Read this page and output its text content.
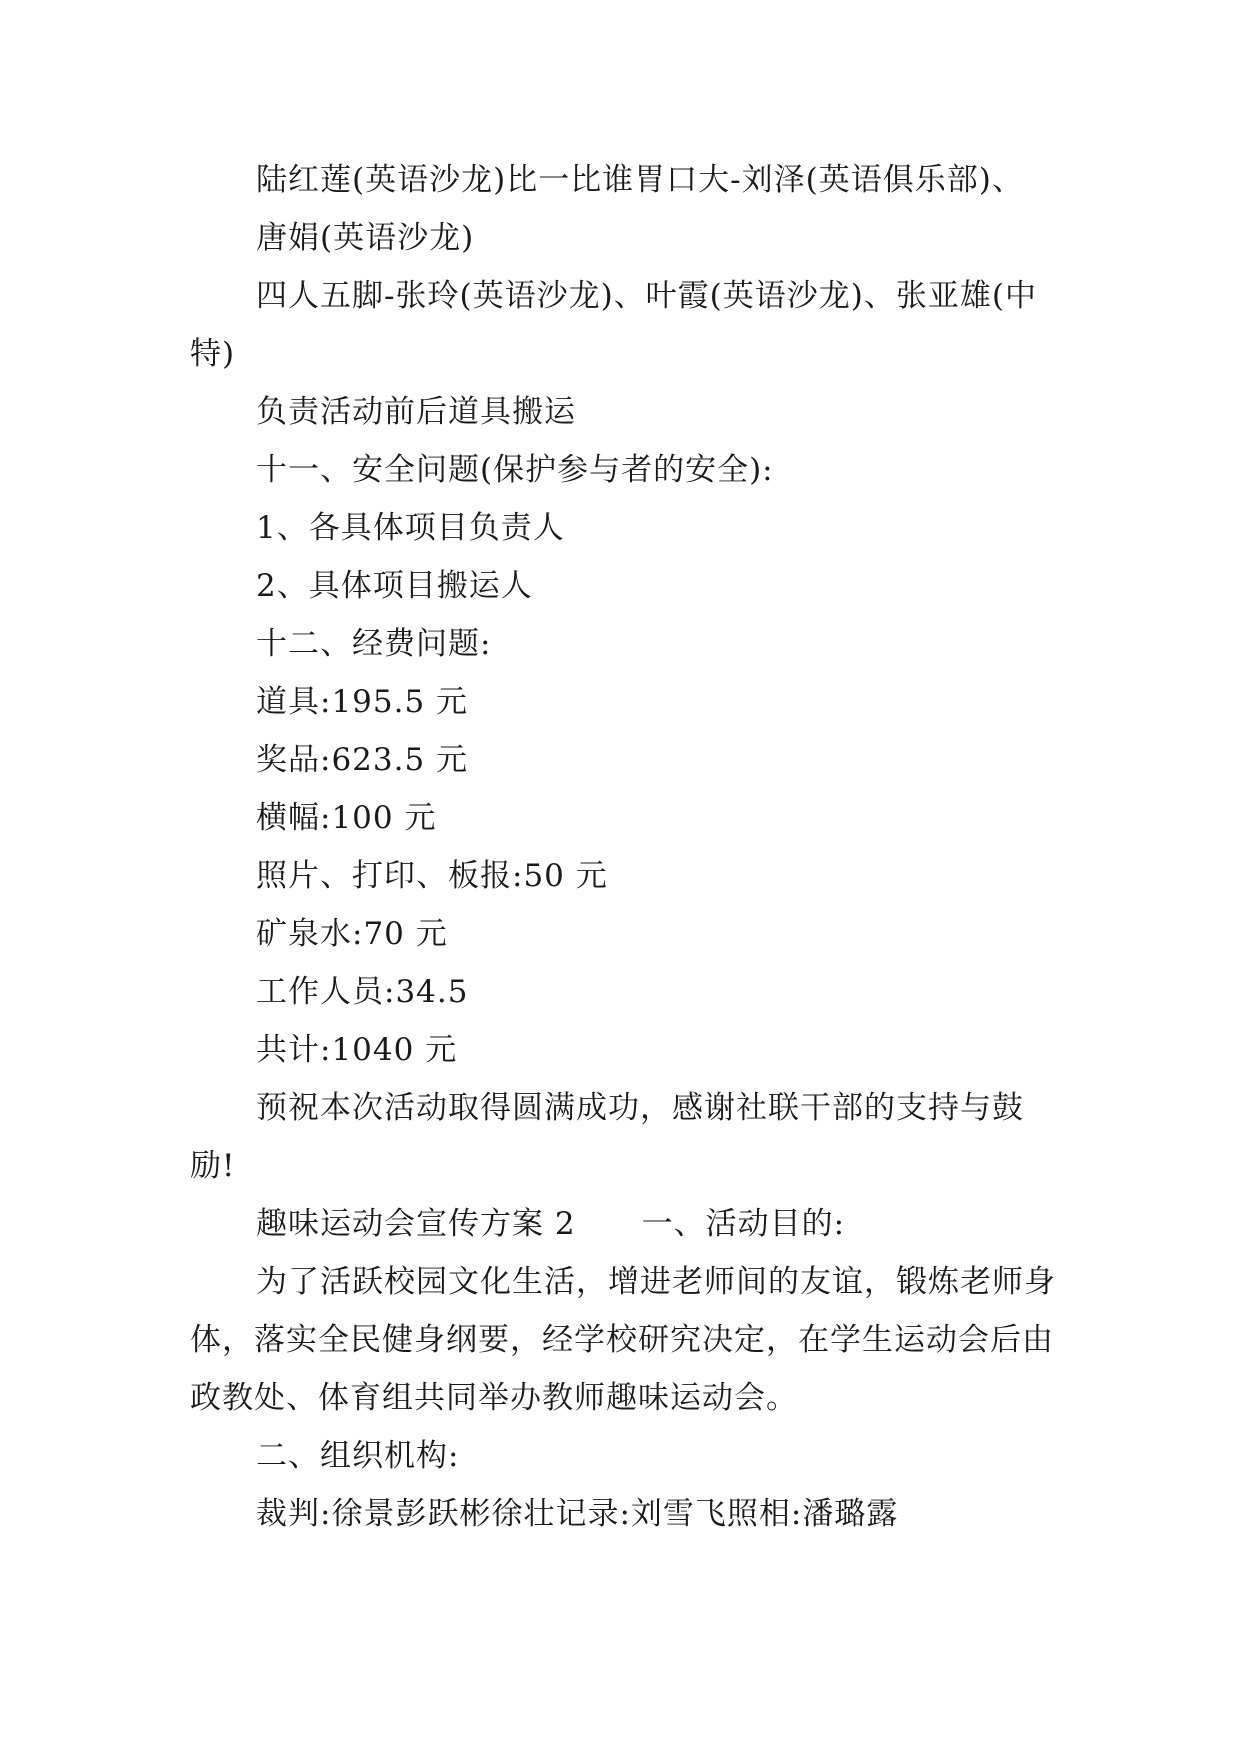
陆红莲(英语沙龙)比一比谁胃口大-刘泽(英语俱乐部)、

唐娟(英语沙龙)

四人五脚-张玲(英语沙龙)、叶霞(英语沙龙)、张亚雄(中特)

负责活动前后道具搬运

十一、安全问题(保护参与者的安全):

1、各具体项目负责人

2、具体项目搬运人

十二、经费问题:

道具:195.5 元

奖品:623.5 元

横幅:100 元

照片、打印、板报:50 元

矿泉水:70 元

工作人员:34.5

共计:1040 元

预祝本次活动取得圆满成功，感谢社联干部的支持与鼓励!

趣味运动会宣传方案 2 一、活动目的:

为了活跃校园文化生活，增进老师间的友谊，锻炼老师身体，落实全民健身纲要，经学校研究决定，在学生运动会后由政教处、体育组共同举办教师趣味运动会。

二、组织机构:

裁判:徐景彭跃彬徐壮记录:刘雪飞照相:潘璐露
